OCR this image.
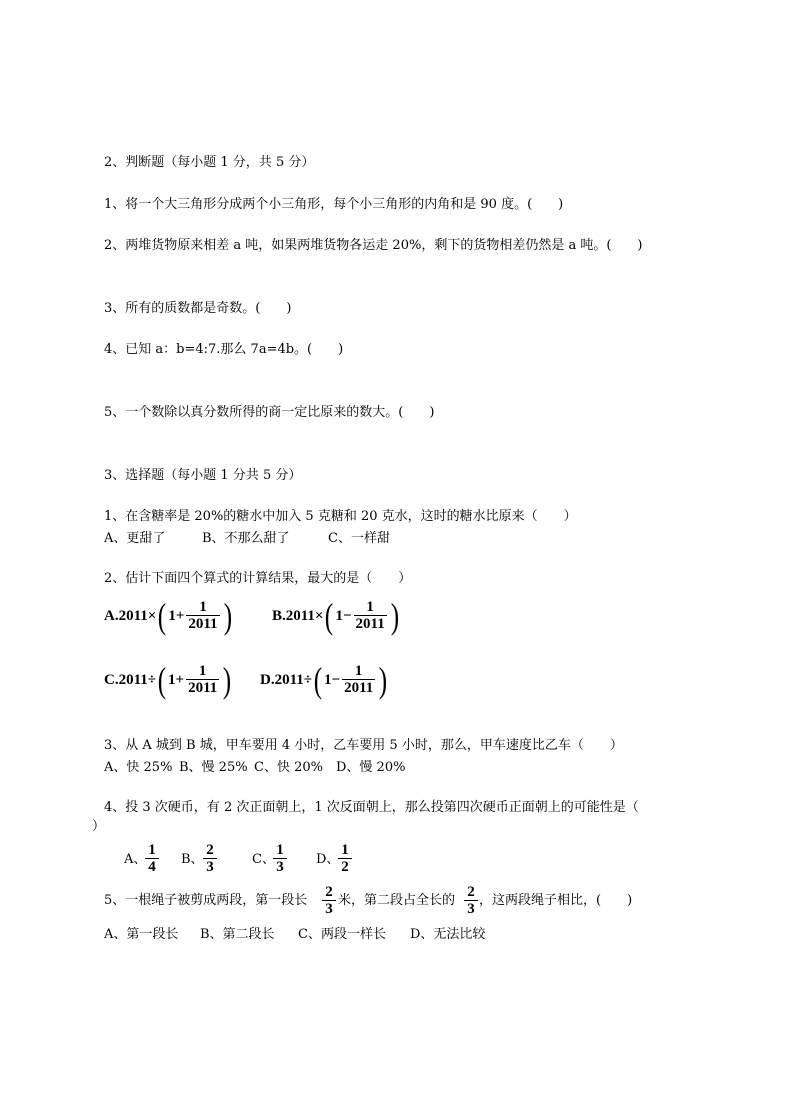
2、判断题（每小题 1 分，共 5 分）
1、将一个大三角形分成两个小三角形，每个小三角形的内角和是 90 度。(　　)
2、两堆货物原来相差 a 吨，如果两堆货物各运走 20%，剩下的货物相差仍然是 a 吨。(　　)
3、所有的质数都是奇数。(　　)
4、已知 a：b=4:7.那么 7a=4b。(　　)
5、一个数除以真分数所得的商一定比原来的数大。(　　)
3、选择题（每小题 1 分共 5 分）
1、在含糖率是 20%的糖水中加入 5 克糖和 20 克水，这时的糖水比原来（　　）
A、更甜了	B、不那么甜了	C、一样甜
2、估计下面四个算式的计算结果，最大的是（　　）
A.2011× ( $1+ \frac{1}{2011}$ )	B.2011× ( $1- \frac{1}{2011}$ )
C.2011÷ ( $1+ \frac{1}{2011}$ ) D.2011÷ ( $1- \frac{1}{2011}$ )
3、从 A 城到 B 城，甲车要用 4 小时，乙车要用 5 小时，那么，甲车速度比乙车（　　）
A、快 25% B、慢 25% C、快 20% D、慢 20%
4、投 3 次硬币，有 2 次正面朝上，1 次反面朝上，那么投第四次硬币正面朝上的可能性是（
）
A、
1
4 B、
2
3	C、
1
3 D、
1
2
5、一根绳子被剪成两段，第一段长
2
3
米，第二段占全长的
2
3
，这两段绳子相比，(　　)
A、第一段长 B、第二段长 C、两段一样长 D、无法比较
